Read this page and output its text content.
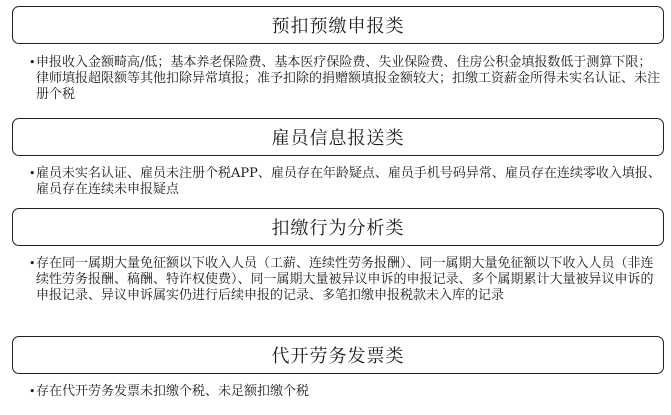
预扣预缴申报类
• 申报收入金额畸高/低；基本养老保险费、基本医疗保险费、失业保险费、住房公积金填报数低于测算下限；律师填报超限额等其他扣除异常填报；准予扣除的捐赠额填报金额较大；扣缴工资薪金所得未实名认证、未注册个税
雇员信息报送类
• 雇员未实名认证、雇员未注册个税APP、雇员存在年龄疑点、雇员手机号码异常、雇员存在连续零收入填报、雇员存在连续未申报疑点
扣缴行为分析类
• 存在同一属期大量免征额以下收入人员（工薪、连续性劳务报酬）、同一属期大量免征额以下收入人员（非连续性劳务报酬、稿酬、特许权使费）、同一属期大量被异议申诉的申报记录、多个属期累计大量被异议申诉的申报记录、异议申诉属实仍进行后续申报的记录、多笔扣缴申报税款未入库的记录
代开劳务发票类
• 存在代开劳务发票未扣缴个税、未足额扣缴个税
